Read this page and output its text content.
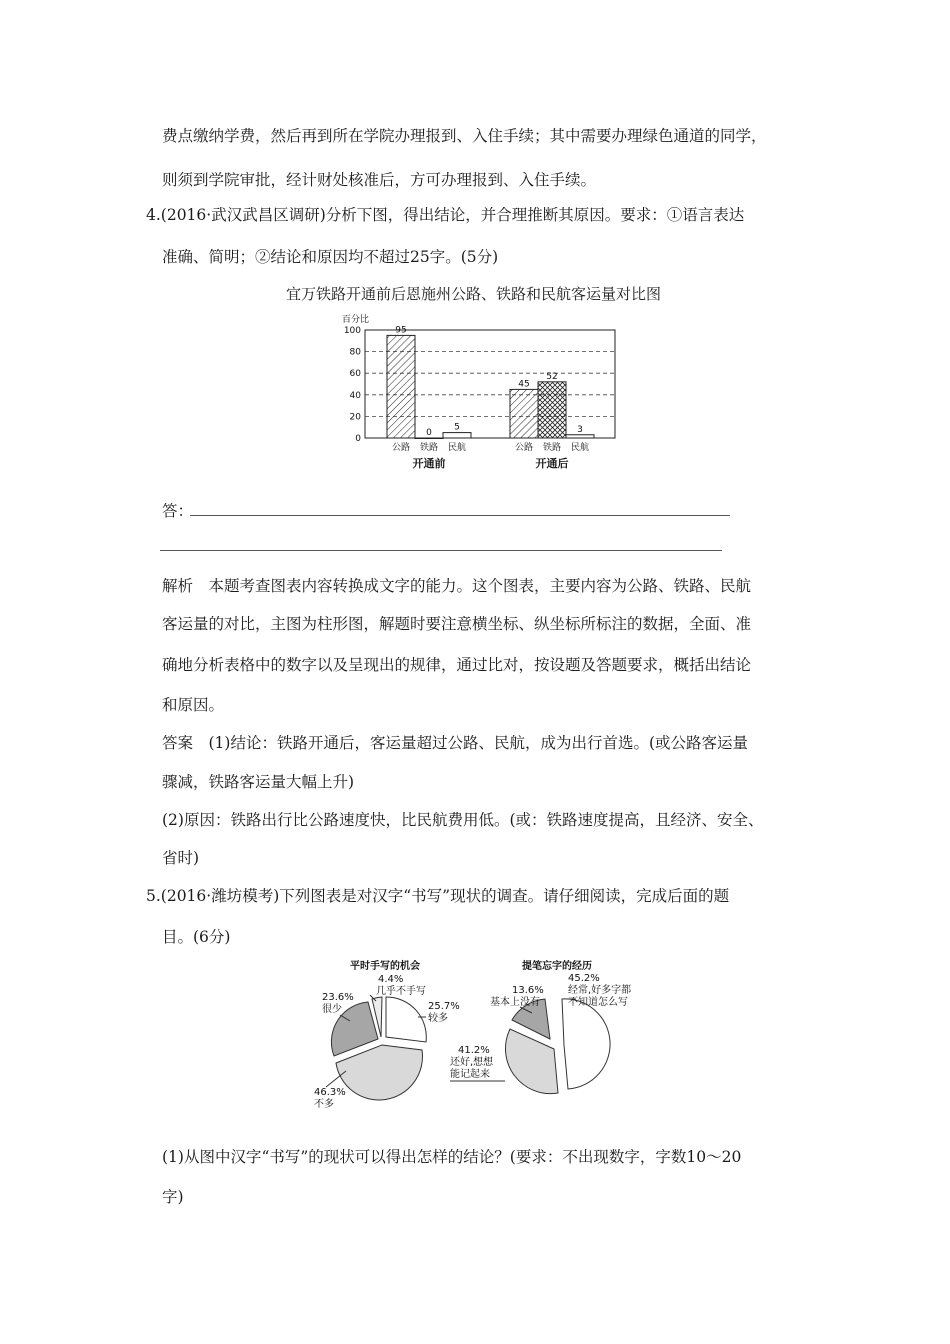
费点缴纳学费，然后再到所在学院办理报到、入住手续；其中需要办理绿色通道的同学，
则须到学院审批，经计财处核准后，方可办理报到、入住手续。
4.(2016·武汉武昌区调研)分析下图，得出结论，并合理推断其原因。要求：①语言表达
准确、简明；②结论和原因均不超过25字。(5分)
宜万铁路开通前后恩施州公路、铁路和民航客运量对比图
0
20
40
60
80
100
公路 铁路 民航
开通前
公路 铁路 民航
开通后
95
0
5
45
52
3
百分比
答：
解析　本题考查图表内容转换成文字的能力。这个图表，主要内容为公路、铁路、民航
客运量的对比，主图为柱形图，解题时要注意横坐标、纵坐标所标注的数据，全面、准
确地分析表格中的数字以及呈现出的规律，通过比对，按设题及答题要求，概括出结论
和原因。
答案　(1)结论：铁路开通后，客运量超过公路、民航，成为出行首选。(或公路客运量
骤减，铁路客运量大幅上升)
(2)原因：铁路出行比公路速度快，比民航费用低。(或：铁路速度提高，且经济、安全、
省时)
5.(2016·潍坊模考)下列图表是对汉字“书写”现状的调查。请仔细阅读，完成后面的题
目。(6分)
平时手写的机会
4.4%
几乎不手写
25.7%
较多
23.6%
很少
46.3%
不多
提笔忘字的经历
13.6%
基本上没有
45.2%
经常,好多字都
不知道怎么写
41.2%
还好,想想
能记起来
(1)从图中汉字“书写”的现状可以得出怎样的结论？(要求：不出现数字，字数10～20
字)
